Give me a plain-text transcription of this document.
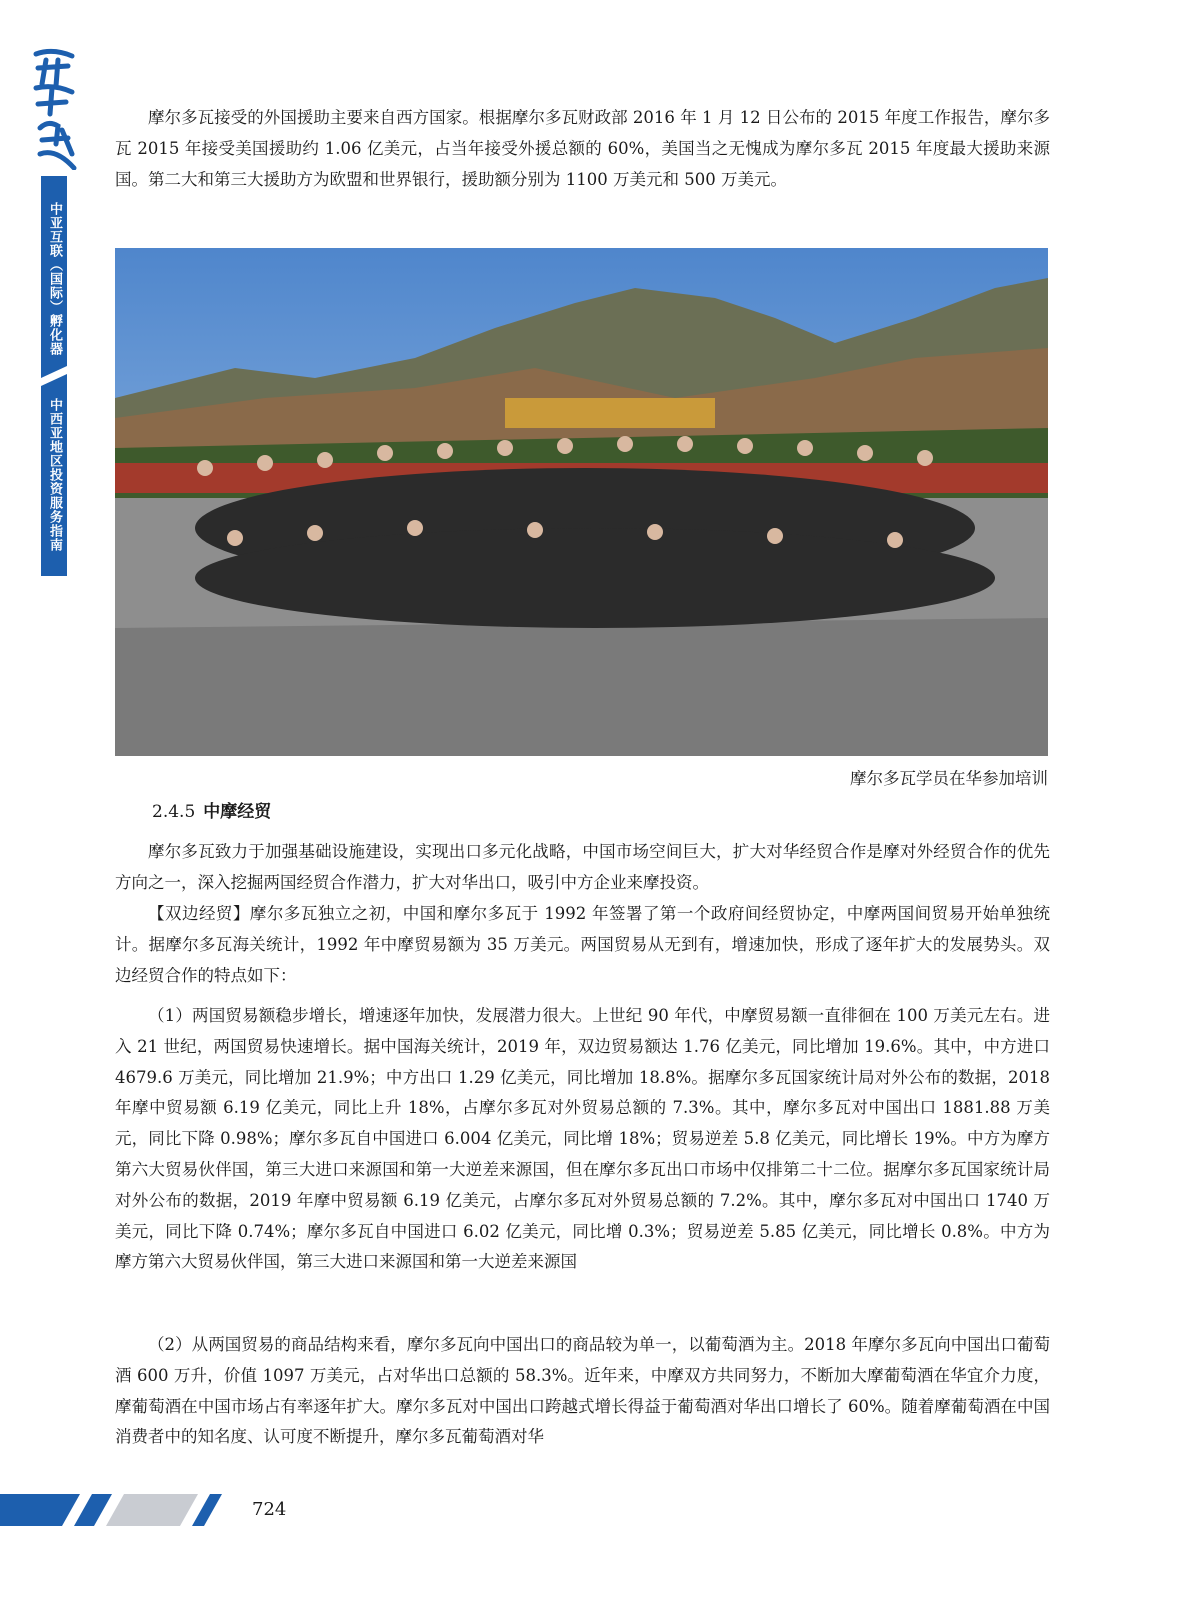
中亚互联（国际）孵化器
中西亚地区投资服务指南

摩尔多瓦接受的外国援助主要来自西方国家。根据摩尔多瓦财政部 2016 年 1 月 12 日公布的 2015 年度工作报告，摩尔多瓦 2015 年接受美国援助约 1.06 亿美元，占当年接受外援总额的 60%，美国当之无愧成为摩尔多瓦 2015 年度最大援助来源国。第二大和第三大援助方为欧盟和世界银行，援助额分别为 1100 万美元和 500 万美元。

摩尔多瓦学员在华参加培训
2.4.5 中摩经贸

摩尔多瓦致力于加强基础设施建设，实现出口多元化战略，中国市场空间巨大，扩大对华经贸合作是摩对外经贸合作的优先方向之一，深入挖掘两国经贸合作潜力，扩大对华出口，吸引中方企业来摩投资。

【双边经贸】摩尔多瓦独立之初，中国和摩尔多瓦于 1992 年签署了第一个政府间经贸协定，中摩两国间贸易开始单独统计。据摩尔多瓦海关统计，1992 年中摩贸易额为 35 万美元。两国贸易从无到有，增速加快，形成了逐年扩大的发展势头。双边经贸合作的特点如下：

（1）两国贸易额稳步增长，增速逐年加快，发展潜力很大。上世纪 90 年代，中摩贸易额一直徘徊在 100 万美元左右。进入 21 世纪，两国贸易快速增长。据中国海关统计，2019 年，双边贸易额达 1.76 亿美元，同比增加 19.6%。其中，中方进口 4679.6 万美元，同比增加 21.9%；中方出口 1.29 亿美元，同比增加 18.8%。据摩尔多瓦国家统计局对外公布的数据，2018 年摩中贸易额 6.19 亿美元，同比上升 18%，占摩尔多瓦对外贸易总额的 7.3%。其中，摩尔多瓦对中国出口 1881.88 万美元，同比下降 0.98%；摩尔多瓦自中国进口 6.004 亿美元，同比增 18%；贸易逆差 5.8 亿美元，同比增长 19%。中方为摩方第六大贸易伙伴国，第三大进口来源国和第一大逆差来源国，但在摩尔多瓦出口市场中仅排第二十二位。据摩尔多瓦国家统计局对外公布的数据，2019 年摩中贸易额 6.19 亿美元，占摩尔多瓦对外贸易总额的 7.2%。其中，摩尔多瓦对中国出口 1740 万美元，同比下降 0.74%；摩尔多瓦自中国进口 6.02 亿美元，同比增 0.3%；贸易逆差 5.85 亿美元，同比增长 0.8%。中方为摩方第六大贸易伙伴国，第三大进口来源国和第一大逆差来源国

（2）从两国贸易的商品结构来看，摩尔多瓦向中国出口的商品较为单一，以葡萄酒为主。2018 年摩尔多瓦向中国出口葡萄酒 600 万升，价值 1097 万美元，占对华出口总额的 58.3%。近年来，中摩双方共同努力，不断加大摩葡萄酒在华宜介力度，摩葡萄酒在中国市场占有率逐年扩大。摩尔多瓦对中国出口跨越式增长得益于葡萄酒对华出口增长了 60%。随着摩葡萄酒在中国消费者中的知名度、认可度不断提升，摩尔多瓦葡萄酒对华

724
